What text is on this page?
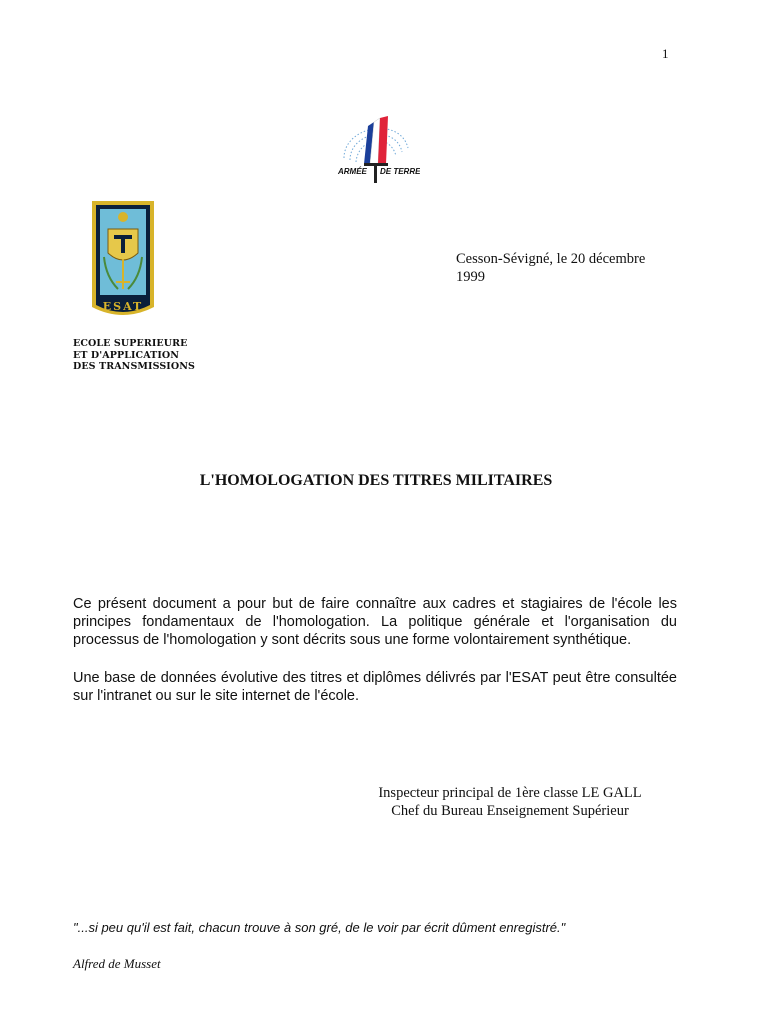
1
ARMÉE DE TERRE
ESAT
ECOLE SUPERIEURE
ET D'APPLICATION
DES TRANSMISSIONS
Cesson-Sévigné, le 20 décembre
1999
L'HOMOLOGATION DES TITRES MILITAIRES
Ce présent document a pour but de faire connaître aux cadres et stagiaires de l'école les principes fondamentaux de l'homologation. La politique générale et l'organisation du processus de l'homologation y sont décrits sous une forme volontairement synthétique.
Une base de données évolutive des titres et diplômes délivrés par l'ESAT peut être consultée sur l'intranet ou sur le site internet de l'école.
Inspecteur principal de 1ère classe LE GALL
Chef du Bureau Enseignement Supérieur
"...si peu qu'il est fait, chacun trouve à son gré, de le voir par écrit dûment enregistré."
Alfred de Musset
